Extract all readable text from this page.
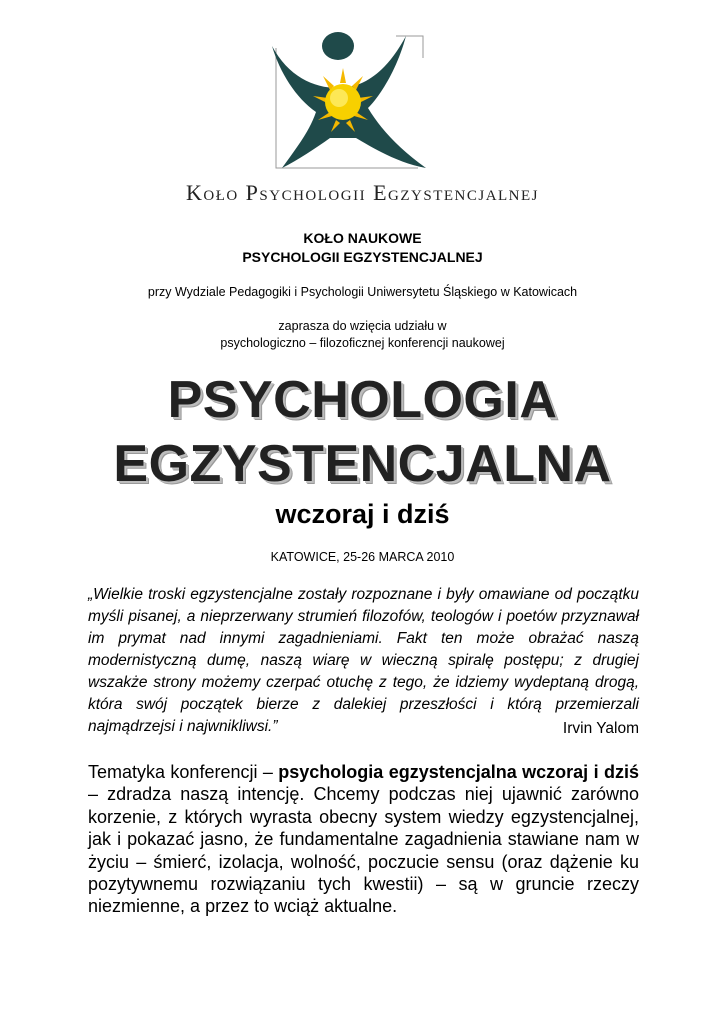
Koło Psychologii Egzystencjalnej
KOŁO NAUKOWE
PSYCHOLOGII EGZYSTENCJALNEJ
przy Wydziale Pedagogiki i Psychologii Uniwersytetu Śląskiego w Katowicach
zaprasza do wzięcia udziału w
psychologiczno – filozoficznej konferencji naukowej
PSYCHOLOGIA
EGZYSTENCJALNA
wczoraj i dziś
KATOWICE, 25-26 MARCA 2010
„Wielkie troski egzystencjalne zostały rozpoznane i były omawiane od początku myśli pisanej, a nieprzerwany strumień filozofów, teologów i poetów przyznawał im prymat nad innymi zagadnieniami. Fakt ten może obrażać naszą modernistyczną dumę, naszą wiarę w wieczną spiralę postępu; z drugiej wszakże strony możemy czerpać otuchę z tego, że idziemy wydeptaną drogą, która swój początek bierze z dalekiej przeszłości i którą przemierzali najmądrzejsi i najwnikliwsi.”	Irvin Yalom
Tematyka konferencji – psychologia egzystencjalna wczoraj i dziś – zdradza naszą intencję. Chcemy podczas niej ujawnić zarówno korzenie, z których wyrasta obecny system wiedzy egzystencjalnej, jak i pokazać jasno, że fundamentalne zagadnienia stawiane nam w życiu – śmierć, izolacja, wolność, poczucie sensu (oraz dążenie ku pozytywnemu rozwiązaniu tych kwestii) – są w gruncie rzeczy niezmienne, a przez to wciąż aktualne.
